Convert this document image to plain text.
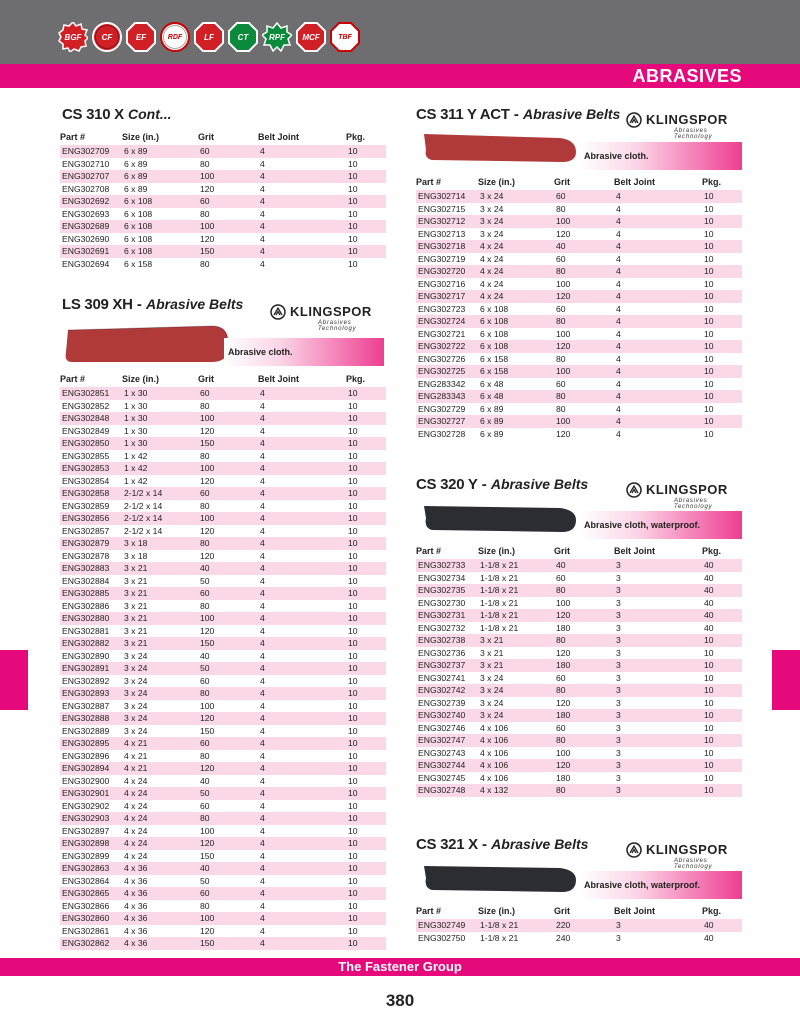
BGF	CF	EF	RDF	LF	CT	RPF MCF	TBF
ABRASIVES
CS 310 X Cont...
Part #	Size (in.)	Grit	Belt Joint	Pkg.
ENG302709	6 x 89	60	4	10
ENG302710	6 x 89	80	4	10
ENG302707	6 x 89	100	4	10
ENG302708	6 x 89	120	4	10
ENG302692	6 x 108	60	4	10
ENG302693	6 x 108	80	4	10
ENG302689	6 x 108	100	4	10
ENG302690	6 x 108	120	4	10
ENG302691	6 x 108	150	4	10
ENG302694	6 x 158	80	4	10
LS 309 XH - Abrasive Belts	KLINGSPOR
Abrasives Technology
Abrasive cloth.
Part #	Size (in.)	Grit	Belt Joint	Pkg.
ENG302851	1 x 30	60	4	10
ENG302852	1 x 30	80	4	10
ENG302848	1 x 30	100	4	10
ENG302849	1 x 30	120	4	10
ENG302850	1 x 30	150	4	10
ENG302855	1 x 42	80	4	10
ENG302853	1 x 42	100	4	10
ENG302854	1 x 42	120	4	10
ENG302858	2-1/2 x 14	60	4	10
ENG302859	2-1/2 x 14	80	4	10
ENG302856	2-1/2 x 14	100	4	10
ENG302857	2-1/2 x 14	120	4	10
ENG302879	3 x 18	80	4	10
ENG302878	3 x 18	120	4	10
ENG302883	3 x 21	40	4	10
ENG302884	3 x 21	50	4	10
ENG302885	3 x 21	60	4	10
ENG302886	3 x 21	80	4	10
ENG302880	3 x 21	100	4	10
ENG302881	3 x 21	120	4	10
ENG302882	3 x 21	150	4	10
ENG302890	3 x 24	40	4	10
ENG302891	3 x 24	50	4	10
ENG302892	3 x 24	60	4	10
ENG302893	3 x 24	80	4	10
ENG302887	3 x 24	100	4	10
ENG302888	3 x 24	120	4	10
ENG302889	3 x 24	150	4	10
ENG302895	4 x 21	60	4	10
ENG302896	4 x 21	80	4	10
ENG302894	4 x 21	120	4	10
ENG302900	4 x 24	40	4	10
ENG302901	4 x 24	50	4	10
ENG302902	4 x 24	60	4	10
ENG302903	4 x 24	80	4	10
ENG302897	4 x 24	100	4	10
ENG302898	4 x 24	120	4	10
ENG302899	4 x 24	150	4	10
ENG302863	4 x 36	40	4	10
ENG302864	4 x 36	50	4	10
ENG302865	4 x 36	60	4	10
ENG302866	4 x 36	80	4	10
ENG302860	4 x 36	100	4	10
ENG302861	4 x 36	120	4	10
ENG302862	4 x 36	150	4	10
CS 311 Y ACT - Abrasive Belts KLINGSPOR
Abrasives Technology
Abrasive cloth.
Part #	Size (in.)	Grit	Belt Joint	Pkg.
ENG302714	3 x 24	60	4	10
ENG302715	3 x 24	80	4	10
ENG302712	3 x 24	100	4	10
ENG302713	3 x 24	120	4	10
ENG302718	4 x 24	40	4	10
ENG302719	4 x 24	60	4	10
ENG302720	4 x 24	80	4	10
ENG302716	4 x 24	100	4	10
ENG302717	4 x 24	120	4	10
ENG302723	6 x 108	60	4	10
ENG302724	6 x 108	80	4	10
ENG302721	6 x 108	100	4	10
ENG302722	6 x 108	120	4	10
ENG302726	6 x 158	80	4	10
ENG302725	6 x 158	100	4	10
ENG283342	6 x 48	60	4	10
ENG283343	6 x 48	80	4	10
ENG302729	6 x 89	80	4	10
ENG302727	6 x 89	100	4	10
ENG302728	6 x 89	120	4	10
CS 320 Y - Abrasive Belts	KLINGSPOR
Abrasives Technology
Abrasive cloth, waterproof.
Part #	Size (in.)	Grit	Belt Joint	Pkg.
ENG302733	1-1/8 x 21	40	3	40
ENG302734	1-1/8 x 21	60	3	40
ENG302735	1-1/8 x 21	80	3	40
ENG302730	1-1/8 x 21	100	3	40
ENG302731	1-1/8 x 21	120	3	40
ENG302732	1-1/8 x 21	180	3	40
ENG302738	3 x 21	80	3	10
ENG302736	3 x 21	120	3	10
ENG302737	3 x 21	180	3	10
ENG302741	3 x 24	60	3	10
ENG302742	3 x 24	80	3	10
ENG302739	3 x 24	120	3	10
ENG302740	3 x 24	180	3	10
ENG302746	4 x 106	60	3	10
ENG302747	4 x 106	80	3	10
ENG302743	4 x 106	100	3	10
ENG302744	4 x 106	120	3	10
ENG302745	4 x 106	180	3	10
ENG302748	4 x 132	80	3	10
CS 321 X - Abrasive Belts	KLINGSPOR
Abrasives Technology
Abrasive cloth, waterproof.
Part #	Size (in.)	Grit	Belt Joint	Pkg.
ENG302749	1-1/8 x 21	220	3	40
ENG302750	1-1/8 x 21	240	3	40
The Fastener Group
380
